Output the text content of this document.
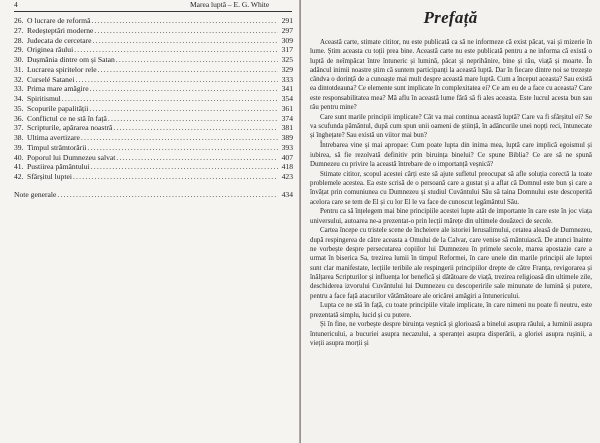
4	Marea luptă – E. G. White
26. O lucrare de reformă .....	291
27. Redeșteptări moderne .....	297
28. Judecata de cercetare .....	309
29. Originea răului .....	317
30. Dușmănia dintre om și Satan .....	325
31. Lucrarea spiritelor rele .....	329
32. Curselé Satanei .....	333
33. Prima mare amăgire .....	341
34. Spiritismul .....	354
35. Scopurile papalității .....	361
36. Conflictul ce ne stă în față .....	374
37. Scripturile, apărarea noastră .....	381
38. Ultima avertizare .....	389
39. Timpul strâmtorării .....	393
40. Poporul lui Dumnezeu salvat .....	407
41. Pustiirea pământului .....	418
42. Sfârșitul luptei .....	423
Note generale .....	434
Prefață

Această carte, stimate cititor, nu este publicată ca să ne informeze că exist păcat, vai și mizerie în lume. Știm aceasta cu toții prea bine. Această carte nu este publicată pentru a ne informa că există o luptă de neîmpăcat între întuneric și lumină, păcat și neprihănire, bine și rău, viață și moarte. În adâncul inimii noastre știm că suntem participanți la această luptă. Dar în fiecare dintre noi se trezește cândva o dorință de a cunoaște mai mult despre această mare luptă. Cum a început aceasta? Sau există ea dintotdeauna? Ce elemente sunt implicate în complexitatea ei? Ce am eu de a face cu aceasta? Care este responsabilitatea mea? Mă aflu în această lume fără să fi ales aceasta. Este lucrul acesta bun sau rău pentru mine?

Care sunt marile principii implicate? Cât va mai continua această luptă? Care va fi sfârșitul ei? Se va scufunda pământul, după cum spun unii oameni de știință, în adâncurile unei nopți reci, întunecate și înghețate? Sau există un viitor mai bun?

Întrebarea vine și mai apropae: Cum poate lupta din inima mea, luptă care implică egoismul și iubirea, să fie rezolvată definitiv prin biruința binelui? Ce spune Biblia? Ce are să ne spună Dumnezeu cu privire la această întrebare de o importanță veșnică?

Stimate cititor, scopul acestei cărți este să ajute sufletul preocupat să afle soluția corectă la toate problemele acestea. Ea este scrisă de o persoană care a gustat și a aflat că Domnul este bun și care a învățat prin comuniunea cu Dumnezeu și studiul Cuvântului Său să taina Domnului este descoperită acelora care se tem de El și cu lor El le va face de cunoscut legământul Său.

Pentru ca să înțelegem mai bine principiile acestei lupte atât de importante în care este în joc viața universului, autoarea ne-a prezentat-o prin lecții mărețe din ultimele douăzeci de secole.

Cartea începe cu tristele scene de încheiere ale istoriei Ierusalimului, cetatea aleasă de Dumnezeu, după respingerea de către aceasta a Omului de la Calvar, care venise să mântuiască. De atunci înainte ne vorbește despre persecutarea copiilor lui Dumnezeu în primele secole, marea apostazie care a urmat în biserica Sa, trezirea lumii în timpul Reformei, în care unele din marile principii ale luptei sunt clar manifestate, lecțiile teribile ale respingerii principiilor drepte de către Franța, revigorarea și înălțarea Scripturilor și influența lor benefică și dătătoare de viață, trezirea religioasă din ultimele zile, deschiderea izvorului Cuvântului lui Dumnezeu cu descoperirile sale minunate de lumină și putere, pentru a face față atacurilor vătămătoare ale oricărei amăgiri a întunericului.

Lupta ce ne stă în față, cu toate principiile vitale implicate, în care nimeni nu poate fi neutru, este prezentată simplu, lucid și cu putere.

Și în fine, ne vorbește despre biruința veșnică și glorioasă a binelui asupra răului, a luminii asupra întunericului, a bucuriei asupra necazului, a speranței asupra disperării, a gloriei asupra rușinii, a vieții asupra morții și
